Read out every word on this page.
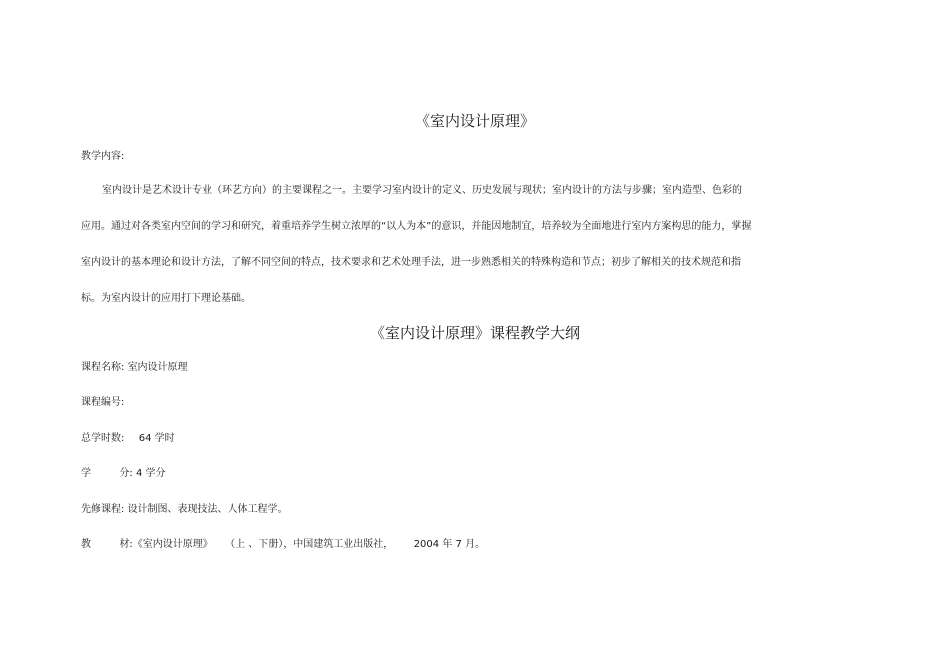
《室内设计原理》
教学内容:
室内设计是艺术设计专业（环艺方向）的主要课程之一。主要学习室内设计的定义、历史发展与现状；室内设计的方法与步骤；室内造型、色彩的
应用。通过对各类室内空间的学习和研究，着重培养学生树立浓厚的“以人为本”的意识，并能因地制宜，培养较为全面地进行室内方案构思的能力，掌握
室内设计的基本理论和设计方法，了解不同空间的特点，技术要求和艺术处理手法，进一步熟悉相关的特殊构造和节点；初步了解相关的技术规范和指
标。为室内设计的应用打下理论基础。
《室内设计原理》课程教学大纲
课程名称: 室内设计原理
课程编号:
总学时数: 64 学时
学	分: 4 学分
先修课程: 设计制图、表现技法、人体工程学。
教	材:《室内设计原理》 （上 、下册），中国建筑工业出版社， 2004 年 7 月。
